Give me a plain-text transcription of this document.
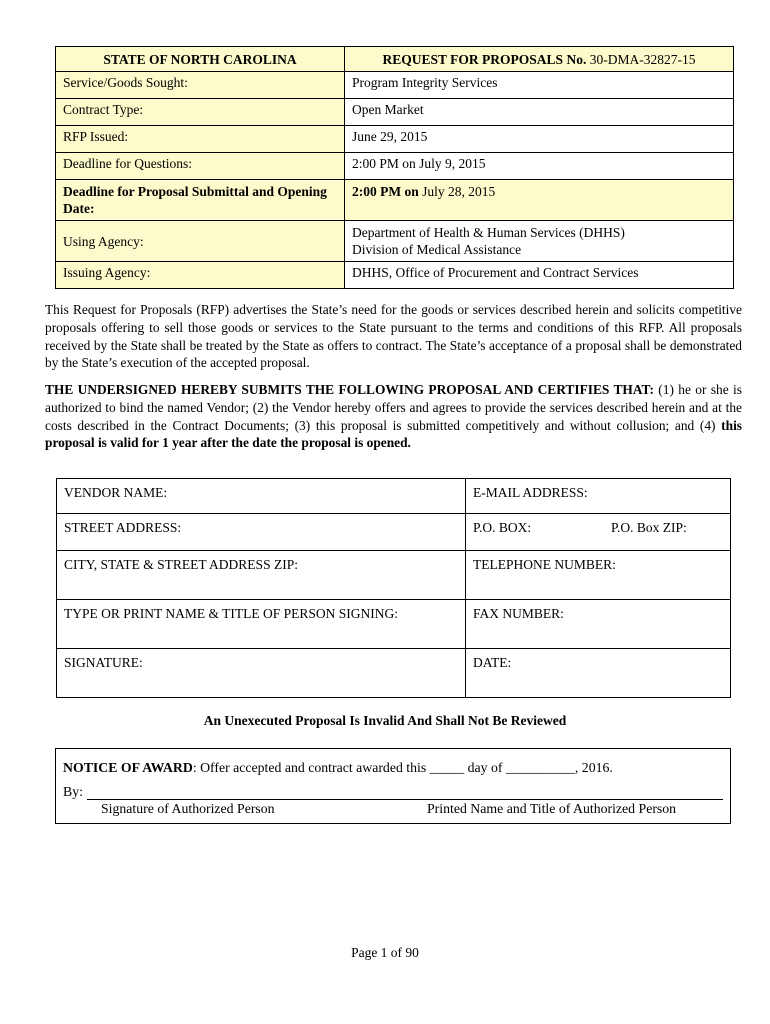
STATE OF NORTH CAROLINA	REQUEST FOR PROPOSALS No. 30-DMA-32827-15
Service/Goods Sought:	Program Integrity Services
Contract Type:	Open Market
RFP Issued:	June 29, 2015
Deadline for Questions:	2:00 PM on July 9, 2015
Deadline for Proposal Submittal and Opening Date:	2:00 PM on July 28, 2015
Using Agency:	Department of Health & Human Services (DHHS)
Division of Medical Assistance
Issuing Agency:	DHHS, Office of Procurement and Contract Services
This Request for Proposals (RFP) advertises the State’s need for the goods or services described herein and solicits competitive proposals offering to sell those goods or services to the State pursuant to the terms and conditions of this RFP. All proposals received by the State shall be treated by the State as offers to contract. The State’s acceptance of a proposal shall be demonstrated by the State’s execution of the accepted proposal.
THE UNDERSIGNED HEREBY SUBMITS THE FOLLOWING PROPOSAL AND CERTIFIES THAT: (1) he or she is authorized to bind the named Vendor; (2) the Vendor hereby offers and agrees to provide the services described herein and at the costs described in the Contract Documents; (3) this proposal is submitted competitively and without collusion; and (4) this proposal is valid for 1 year after the date the proposal is opened.
VENDOR NAME:	E-MAIL ADDRESS:
STREET ADDRESS:	P.O. BOX: P.O. Box ZIP:
CITY, STATE & STREET ADDRESS ZIP:	TELEPHONE NUMBER:
TYPE OR PRINT NAME & TITLE OF PERSON SIGNING:	FAX NUMBER:
SIGNATURE:	DATE:
An Unexecuted Proposal Is Invalid And Shall Not Be Reviewed
NOTICE OF AWARD: Offer accepted and contract awarded this _____ day of __________, 2016.
By:
Signature of Authorized Person	Printed Name and Title of Authorized Person
Page 1 of 90
